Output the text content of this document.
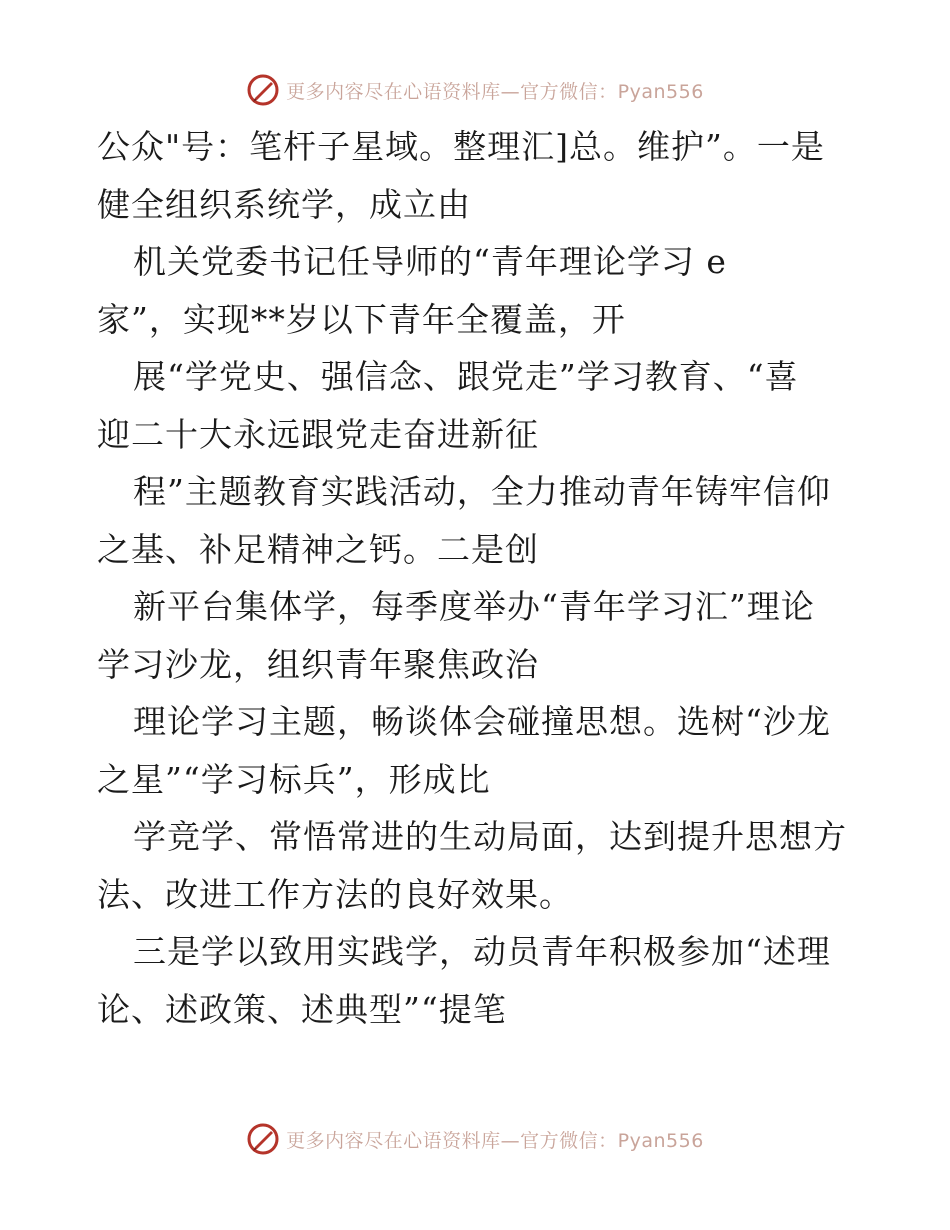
更多内容尽在心语资料库—官方微信：Pyan556
公众"号：笔杆子星域。整理汇]总。维护”。一是
健全组织系统学，成立由
机关党委书记任导师的“青年理论学习 e
家”，实现**岁以下青年全覆盖，开
展“学党史、强信念、跟党走”学习教育、“喜
迎二十大永远跟党走奋进新征
程”主题教育实践活动，全力推动青年铸牢信仰
之基、补足精神之钙。二是创
新平台集体学，每季度举办“青年学习汇”理论
学习沙龙，组织青年聚焦政治
理论学习主题，畅谈体会碰撞思想。选树“沙龙
之星”“学习标兵”，形成比
学竞学、常悟常进的生动局面，达到提升思想方
法、改进工作方法的良好效果。
三是学以致用实践学，动员青年积极参加“述理
论、述政策、述典型”“提笔
更多内容尽在心语资料库—官方微信：Pyan556
